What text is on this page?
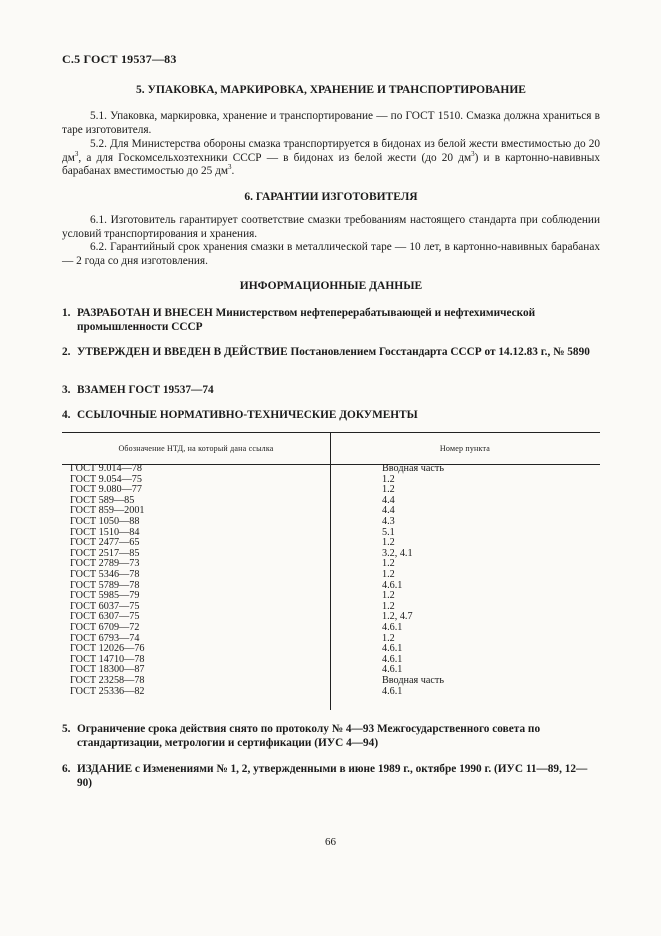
С.5 ГОСТ 19537—83
5. УПАКОВКА, МАРКИРОВКА, ХРАНЕНИЕ И ТРАНСПОРТИРОВАНИЕ
5.1. Упаковка, маркировка, хранение и транспортирование — по ГОСТ 1510. Смазка должна храниться в таре изготовителя.
5.2. Для Министерства обороны смазка транспортируется в бидонах из белой жести вместимостью до 20 $дм^3$, а для Госкомсельхозтехники СССР — в бидонах из белой жести (до 20 $дм^3$) и в картонно-навивных барабанах вместимостью до 25 $дм^3$.
6. ГАРАНТИИ ИЗГОТОВИТЕЛЯ
6.1. Изготовитель гарантирует соответствие смазки требованиям настоящего стандарта при соблюдении условий транспортирования и хранения.
6.2. Гарантийный срок хранения смазки в металлической таре — 10 лет, в картонно-навивных барабанах — 2 года со дня изготовления.
ИНФОРМАЦИОННЫЕ ДАННЫЕ
1. РАЗРАБОТАН И ВНЕСЕН Министерством нефтеперерабатывающей и нефтехимической промышленности СССР
2. УТВЕРЖДЕН И ВВЕДЕН В ДЕЙСТВИЕ Постановлением Госстандарта СССР от 14.12.83 г., № 5890
3. ВЗАМЕН ГОСТ 19537—74
4. ССЫЛОЧНЫЕ НОРМАТИВНО-ТЕХНИЧЕСКИЕ ДОКУМЕНТЫ
Обозначение НТД, на который дана ссылка	Номер пункта
ГОСТ 9.014—78	Вводная часть
ГОСТ 9.054—75	1.2
ГОСТ 9.080—77	1.2
ГОСТ 589—85	4.4
ГОСТ 859—2001	4.4
ГОСТ 1050—88	4.3
ГОСТ 1510—84	5.1
ГОСТ 2477—65	1.2
ГОСТ 2517—85	3.2, 4.1
ГОСТ 2789—73	1.2
ГОСТ 5346—78	1.2
ГОСТ 5789—78	4.6.1
ГОСТ 5985—79	1.2
ГОСТ 6037—75	1.2
ГОСТ 6307—75	1.2, 4.7
ГОСТ 6709—72	4.6.1
ГОСТ 6793—74	1.2
ГОСТ 12026—76	4.6.1
ГОСТ 14710—78	4.6.1
ГОСТ 18300—87	4.6.1
ГОСТ 23258—78	Вводная часть
ГОСТ 25336—82	4.6.1
5. Ограничение срока действия снято по протоколу № 4—93 Межгосударственного совета по стандартизации, метрологии и сертификации (ИУС 4—94)
6. ИЗДАНИЕ с Изменениями № 1, 2, утвержденными в июне 1989 г., октябре 1990 г. (ИУС 11—89, 12—90)
66
